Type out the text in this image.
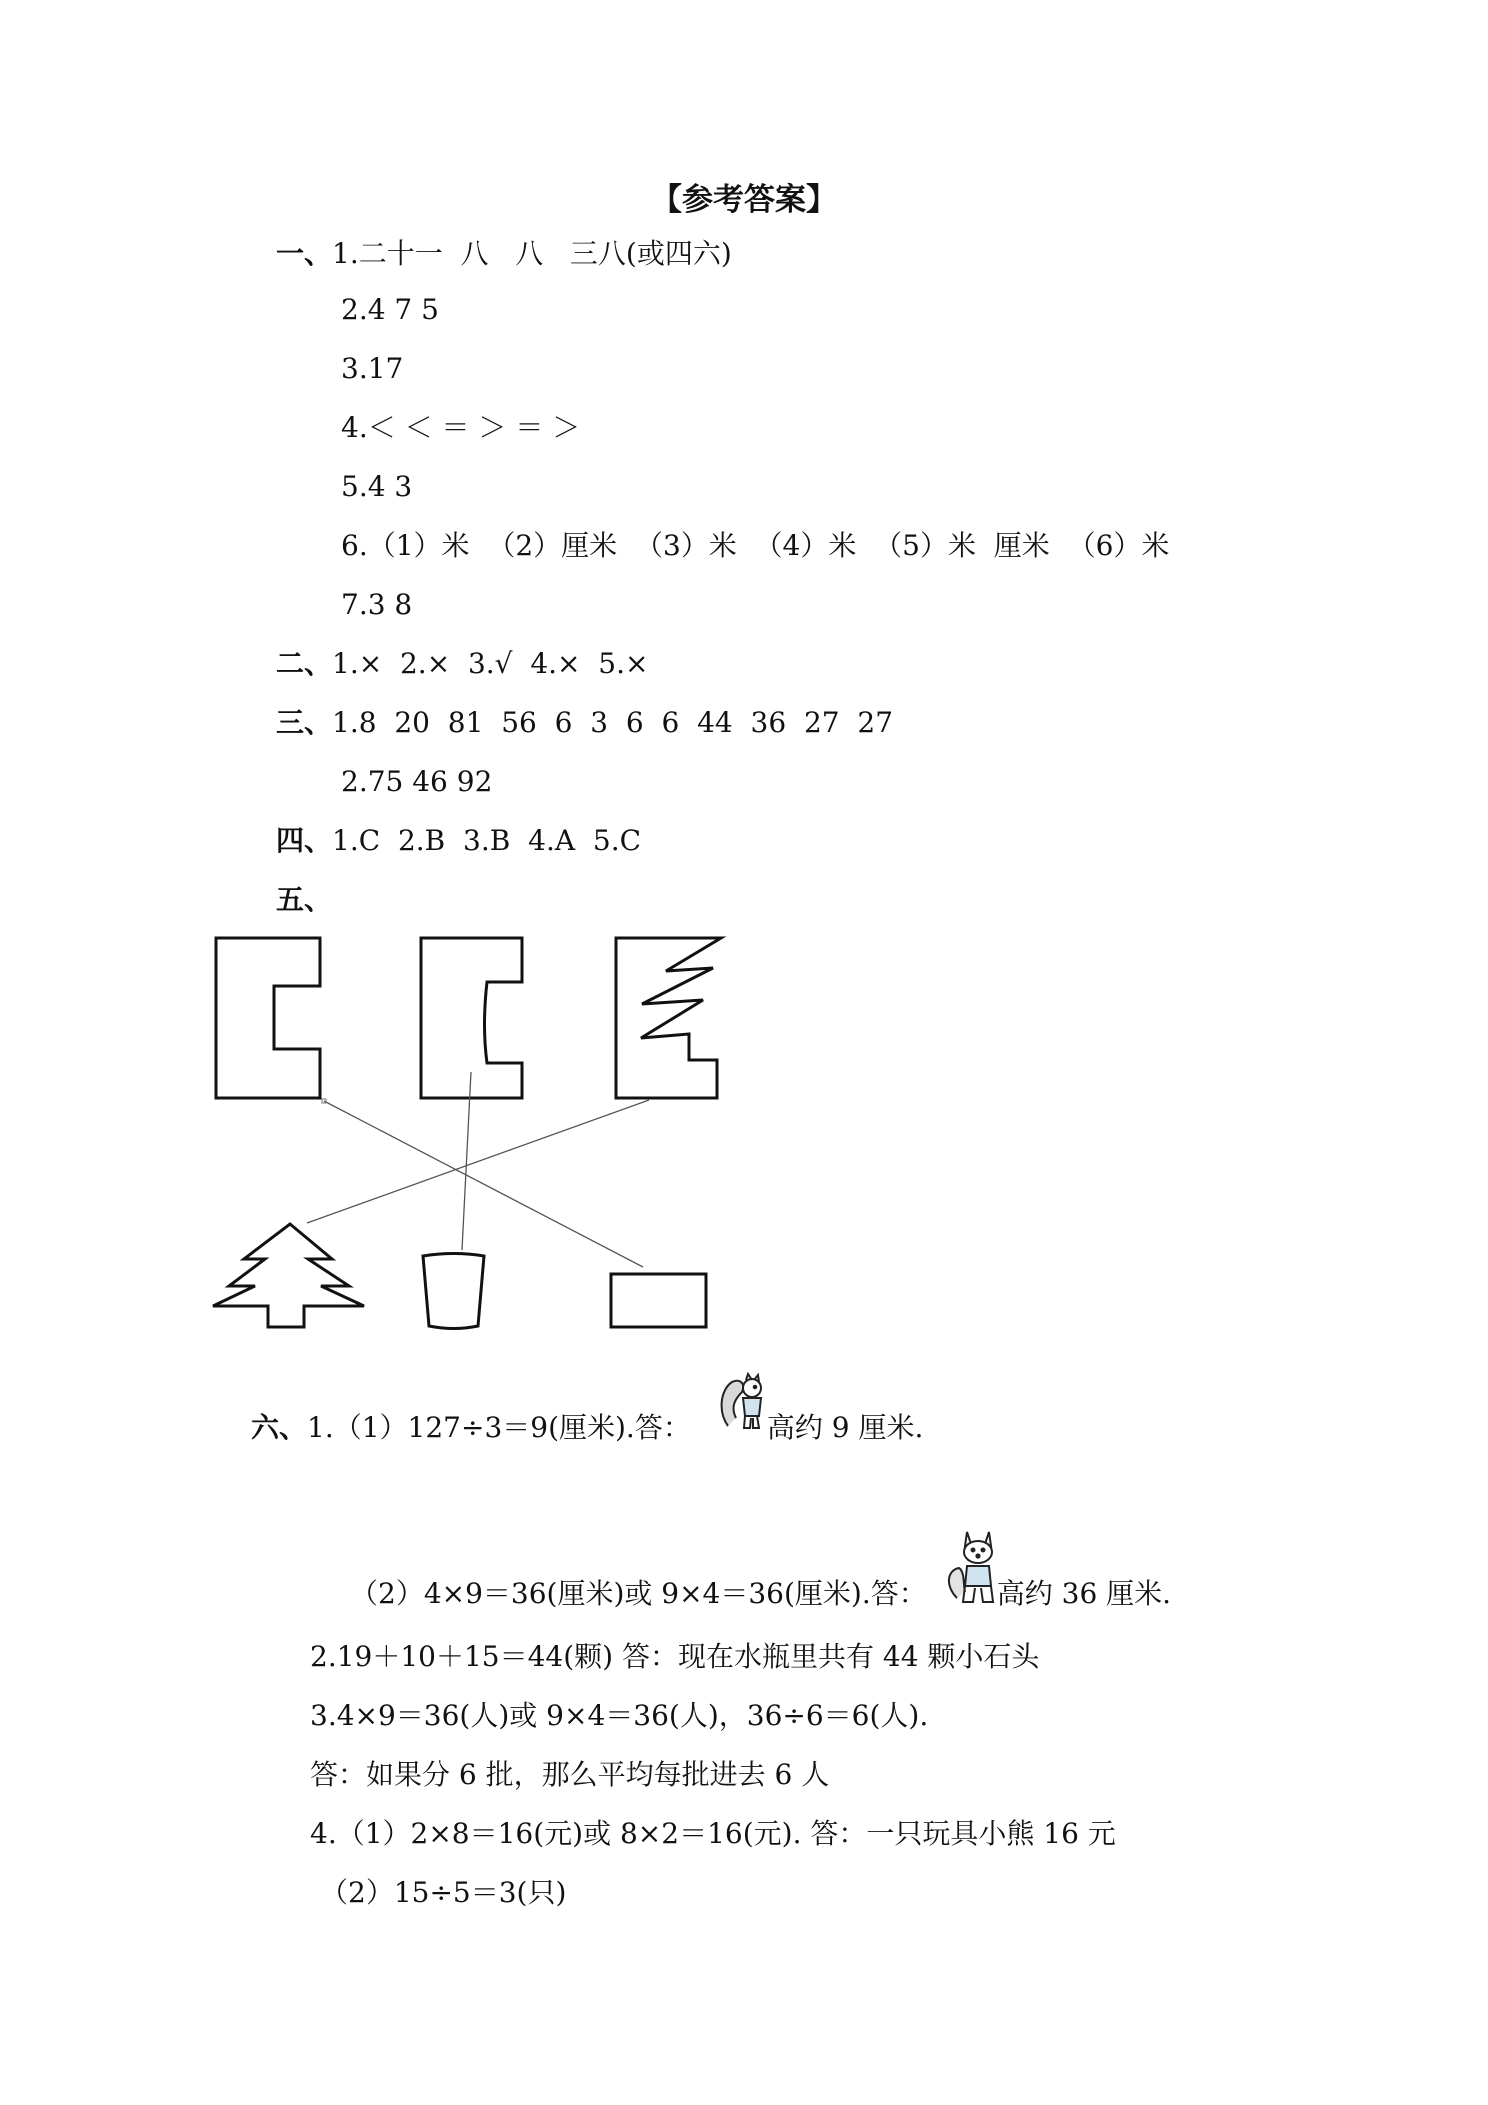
【参考答案】
一、1.二十一  八   八   三八(或四六)
2.4 7 5
3.17
4.＜ ＜ ＝ ＞ ＝ ＞
5.4 3
6.（1）米  （2）厘米  （3）米  （4）米  （5）米  厘米  （6）米
7.3 8
二、1.×  2.×  3.√  4.×  5.×
三、1.8  20  81  56  6  3  6  6  44  36  27  27
2.75 46 92
四、1.C  2.B  3.B  4.A  5.C
五、
六、1.（1）127÷3＝9(厘米).答：	高约 9 厘米.
（2）4×9＝36(厘米)或 9×4＝36(厘米).答：	高约 36 厘米.
2.19＋10＋15＝44(颗) 答：现在水瓶里共有 44 颗小石头
3.4×9＝36(人)或 9×4＝36(人)，36÷6＝6(人).
答：如果分 6 批，那么平均每批进去 6 人
4.（1）2×8＝16(元)或 8×2＝16(元). 答：一只玩具小熊 16 元
（2）15÷5＝3(只)
